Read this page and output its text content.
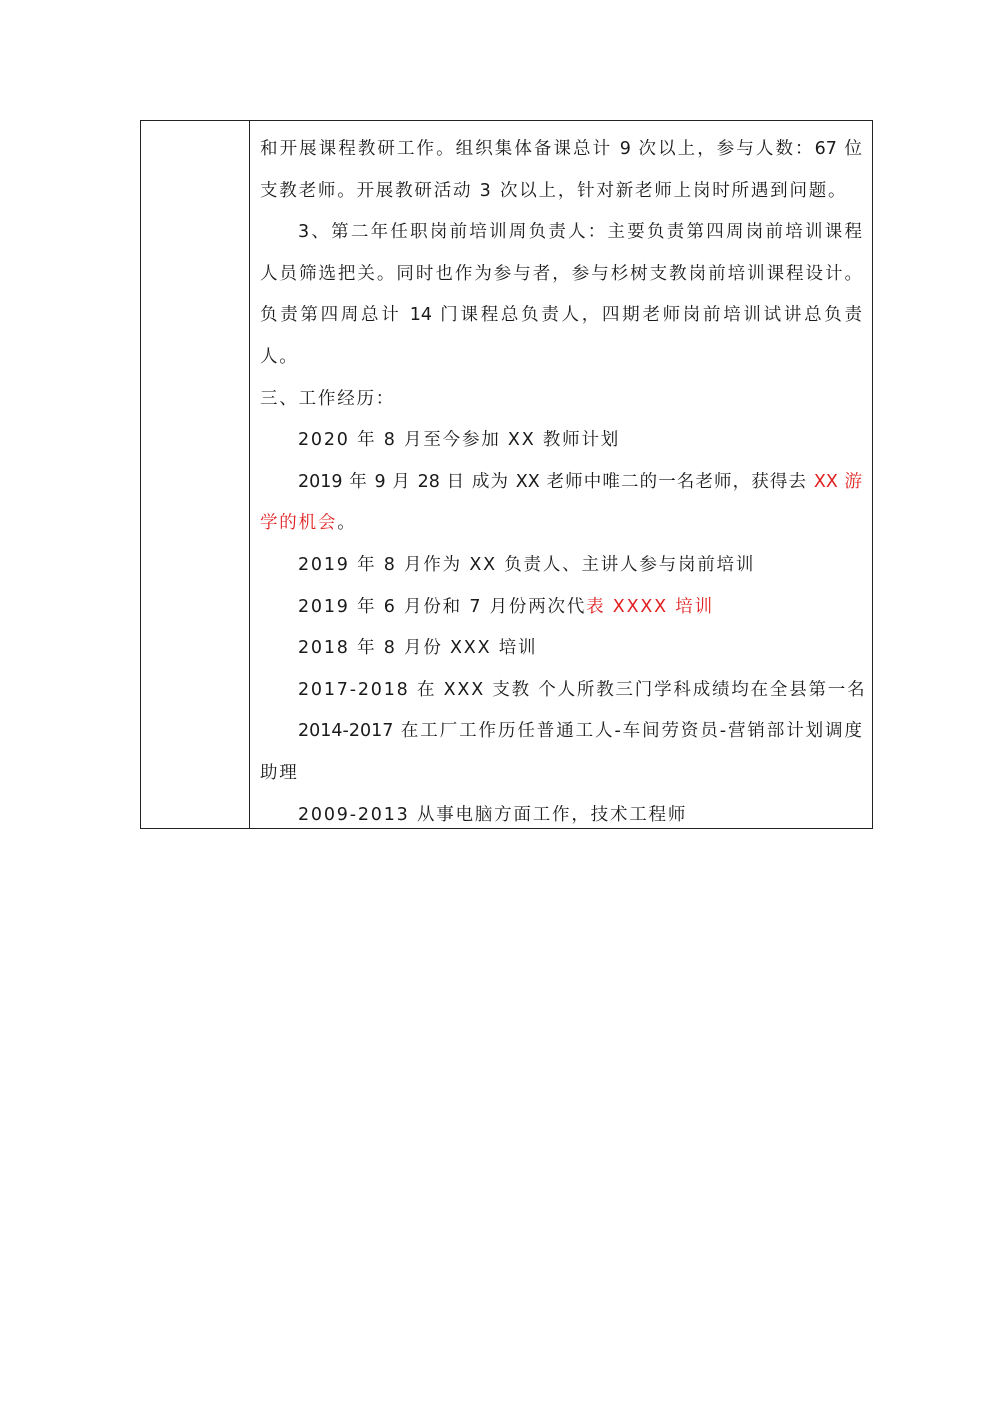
和开展课程教研工作。组织集体备课总计 9 次以上，参与人数：67 位
支教老师。开展教研活动 3 次以上，针对新老师上岗时所遇到问题。
3、第二年任职岗前培训周负责人：主要负责第四周岗前培训课程
人员筛选把关。同时也作为参与者，参与杉树支教岗前培训课程设计。
负责第四周总计 14 门课程总负责人，四期老师岗前培训试讲总负责
人。
三、工作经历：
2020 年 8 月至今参加 XX 教师计划
2019 年 9 月 28 日 成为 XX 老师中唯二的一名老师，获得去 XX 游
学的机会。
2019 年 8 月作为 XX 负责人、主讲人参与岗前培训
2019 年 6 月份和 7 月份两次代表 XXXX 培训
2018 年 8 月份 XXX 培训
2017-2018 在 XXX 支教 个人所教三门学科成绩均在全县第一名
2014-2017 在工厂工作历任普通工人-车间劳资员-营销部计划调度
助理
2009-2013 从事电脑方面工作，技术工程师
